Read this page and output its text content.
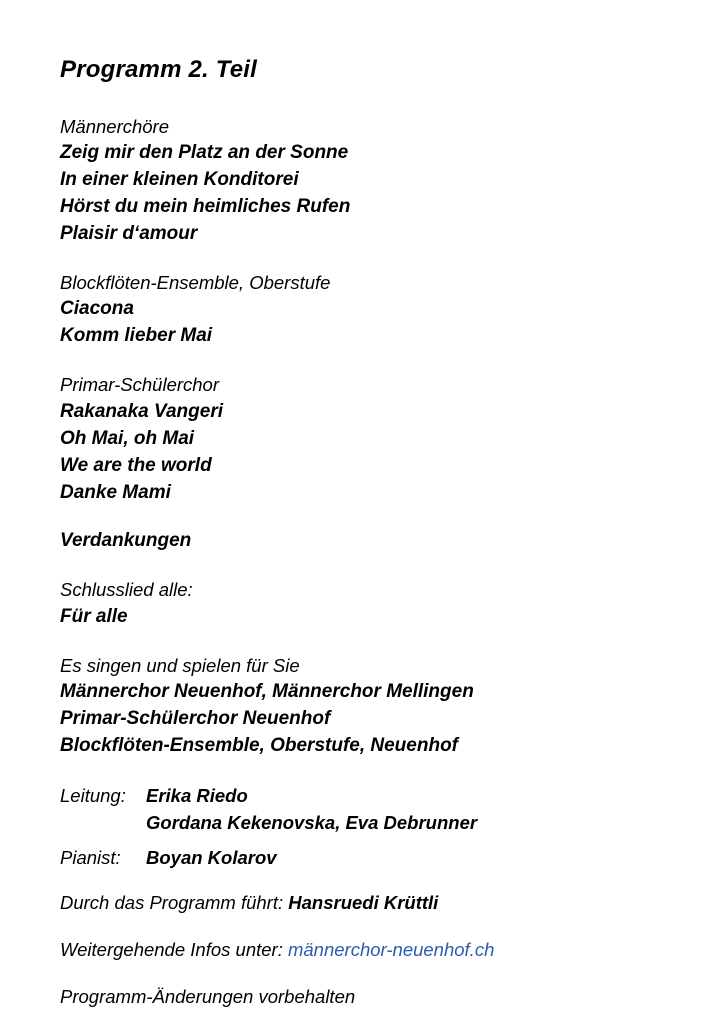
Programm 2. Teil

Männerchöre

Zeig mir den Platz an der Sonne

In einer kleinen Konditorei

Hörst du mein heimliches Rufen

Plaisir d‘amour

Blockflöten-Ensemble, Oberstufe

Ciacona

Komm lieber Mai

Primar-Schülerchor

Rakanaka Vangeri

Oh Mai, oh Mai

We are the world

Danke Mami

Verdankungen

Schlusslied alle:

Für alle

Es singen und spielen für Sie

Männerchor Neuenhof, Männerchor Mellingen

Primar-Schülerchor Neuenhof

Blockflöten-Ensemble, Oberstufe, Neuenhof

Leitung:	Erika Riedo
Gordana Kekenovska, Eva Debrunner
Pianist:	Boyan Kolarov

Durch das Programm führt: Hansruedi Krüttli

Weitergehende Infos unter: männerchor-neuenhof.ch

Programm-Änderungen vorbehalten
